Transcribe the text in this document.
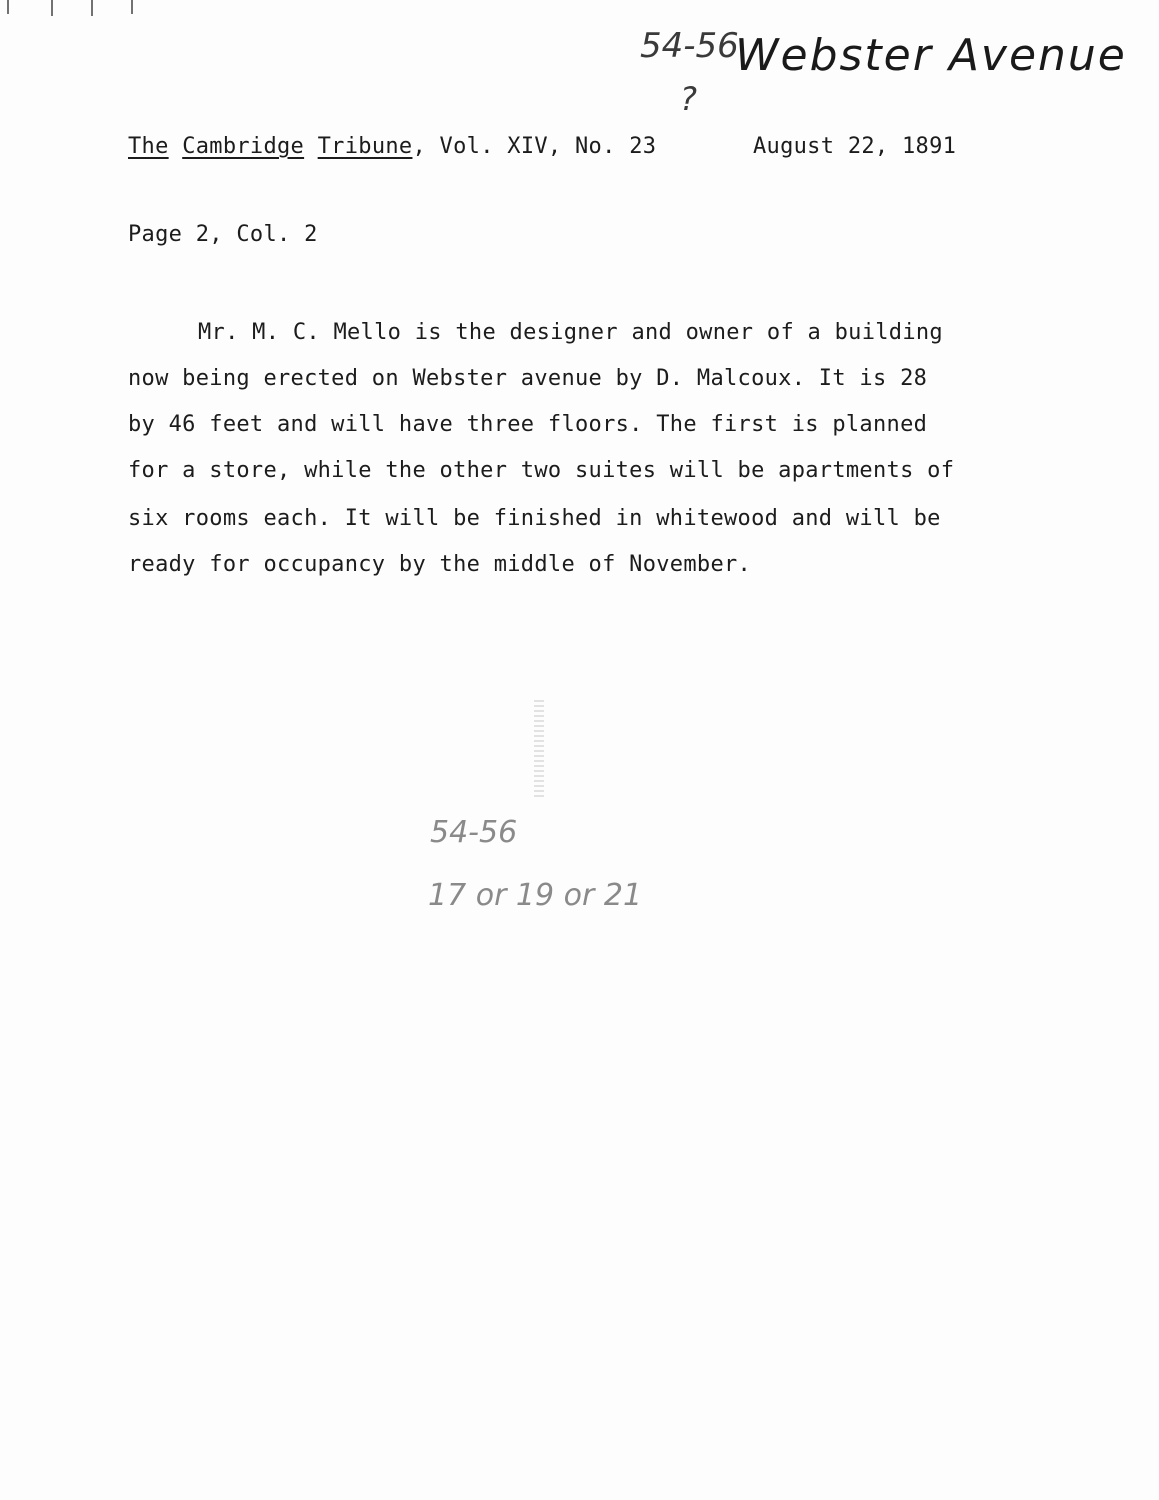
54-56
Webster Avenue
?
The Cambridge Tribune, Vol. XIV, No. 23	August 22, 1891
Page 2, Col. 2
Mr. M. C. Mello is the designer and owner of a building
now being erected on Webster avenue by D. Malcoux. It is 28
by 46 feet and will have three floors. The first is planned
for a store, while the other two suites will be apartments of
six rooms each. It will be finished in whitewood and will be
ready for occupancy by the middle of November.
54-56
17 or 19 or 21
